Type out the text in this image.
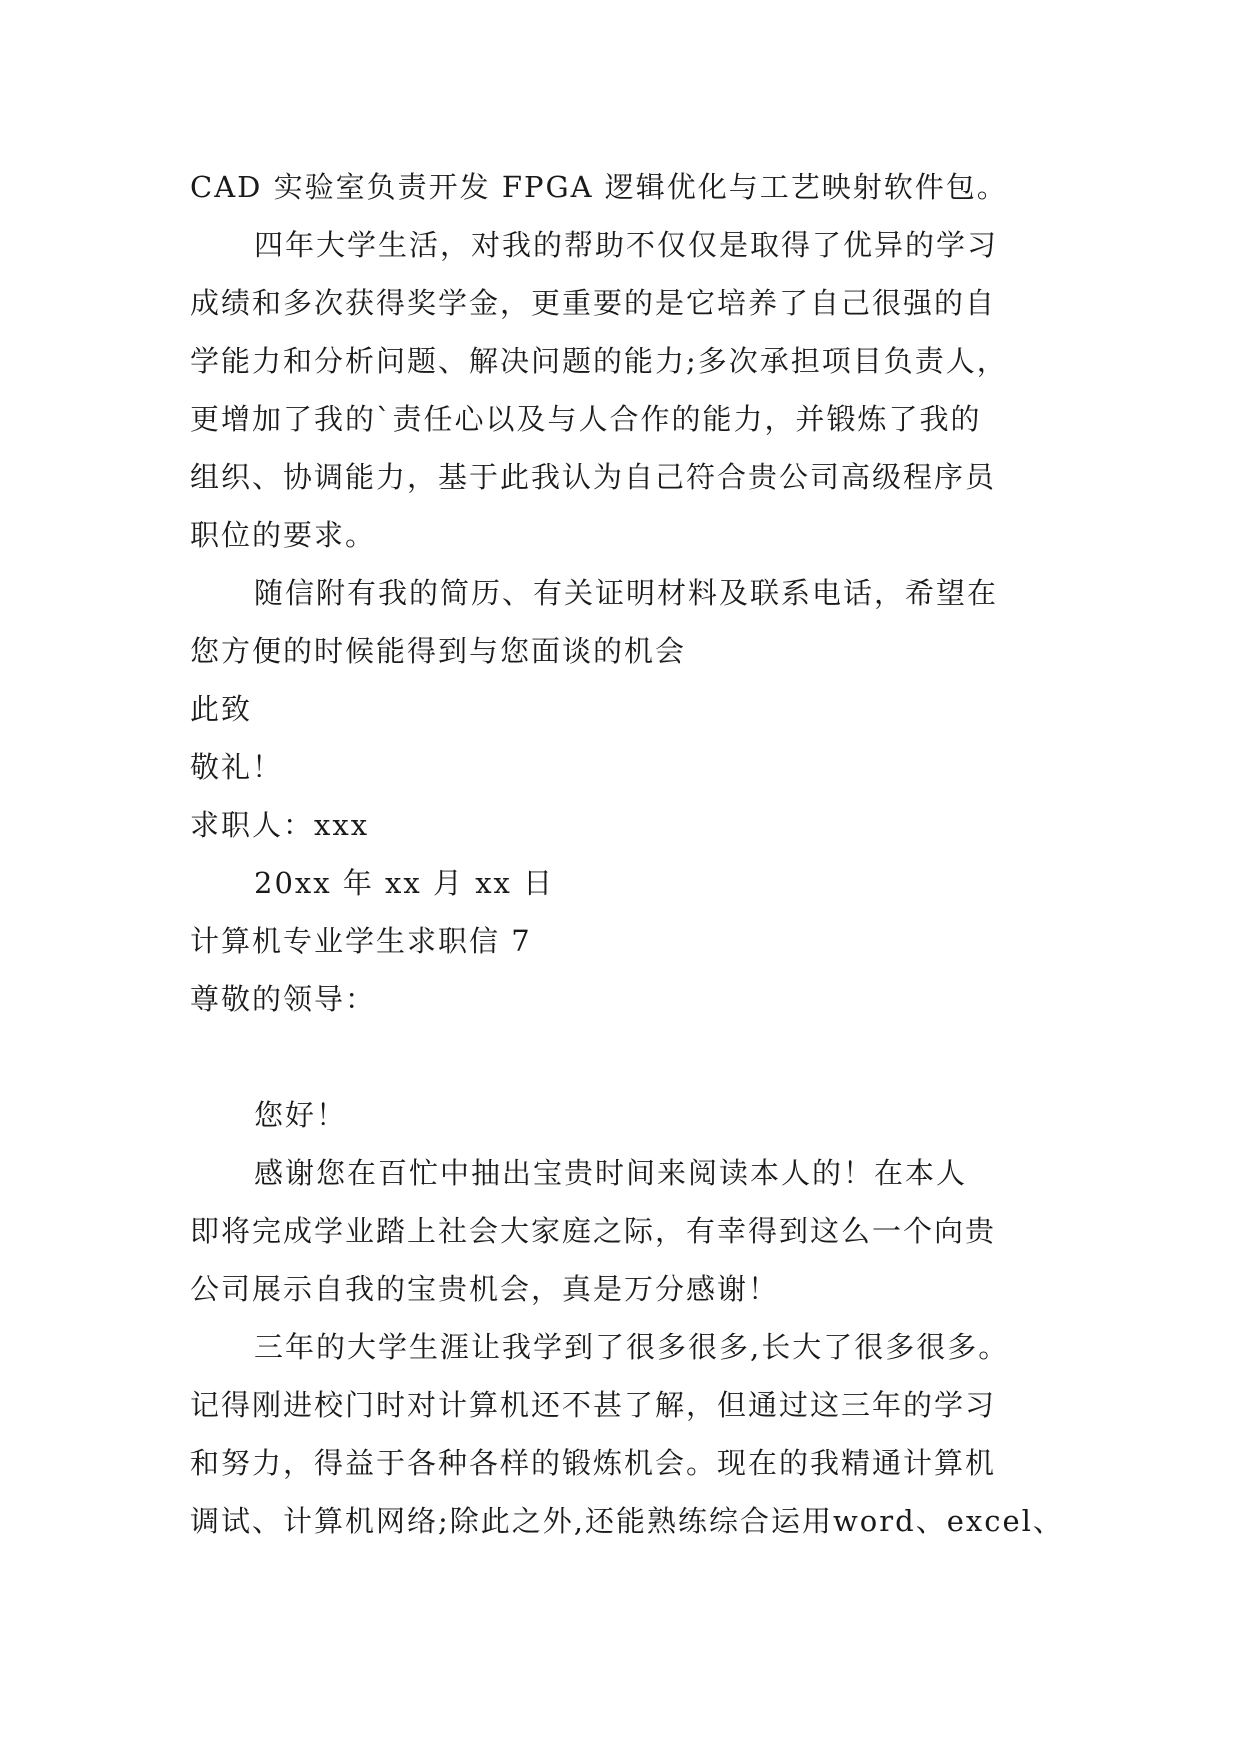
CAD 实验室负责开发 FPGA 逻辑优化与工艺映射软件包。
四年大学生活，对我的帮助不仅仅是取得了优异的学习
成绩和多次获得奖学金，更重要的是它培养了自己很强的自
学能力和分析问题、解决问题的能力;多次承担项目负责人，
更增加了我的`责任心以及与人合作的能力，并锻炼了我的
组织、协调能力，基于此我认为自己符合贵公司高级程序员
职位的要求。
随信附有我的简历、有关证明材料及联系电话，希望在
您方便的时候能得到与您面谈的机会
此致
敬礼！
求职人：xxx
20xx 年 xx 月 xx 日
计算机专业学生求职信 7
尊敬的领导：
您好！
感谢您在百忙中抽出宝贵时间来阅读本人的！在本人
即将完成学业踏上社会大家庭之际，有幸得到这么一个向贵
公司展示自我的宝贵机会，真是万分感谢！
三年的大学生涯让我学到了很多很多,长大了很多很多。
记得刚进校门时对计算机还不甚了解，但通过这三年的学习
和努力，得益于各种各样的锻炼机会。现在的我精通计算机
调试、计算机网络;除此之外,还能熟练综合运用word、excel、
